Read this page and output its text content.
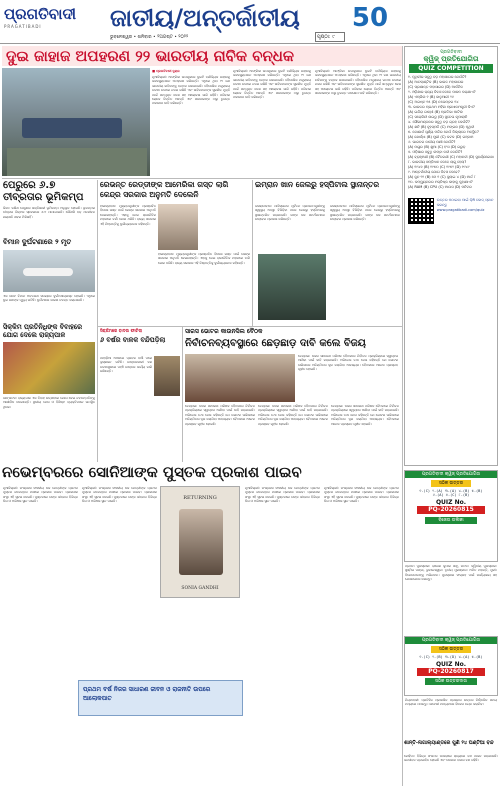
ପ୍ରଗତିବାଦୀ
PRAGATIBADI	ଜାତୀୟ/ଅନ୍ତର୍ଜାତୀୟ	50
ଭୁବନେଶ୍ୱର • ଶନିବାର • ୨ଅଗଷ୍ଟ • ୨୦୨୨	ପୃଷ୍ଠା: ୯
ଦୁଇ ଜାହାଜ ଅପହରଣ ୨୨ ଭାରତୀୟ ନାବିକ ବନ୍ଧକ
■ ପ୍ରଗତିବାଦୀ ନ୍ୟୁଜ
ନୂଆଦିଲ୍ଲୀ: ଆଫ୍ରିକା ଉପକୂଳରେ ଦୁଇଟି ବାଣିଜ୍ୟିକ ଜାହାଜକୁ ଜଳଦସ୍ୟୁମାନେ ଅପହରଣ କରିଛନ୍ତି। ଏଥିରେ ଥିବା ୨୨ ଜଣ ଭାରତୀୟ ନାବିକଙ୍କୁ ବନ୍ଧକ ରଖାଯାଇଛି। ବୈଦେଶିକ ମନ୍ତ୍ରାଳୟ ଘଟଣା ଉପରେ ନଜର ରଖିଛି ଏବଂ ନାବିକମାନଙ୍କ ସୁରକ୍ଷିତ ମୁକ୍ତି ପାଇଁ ସମ୍ପୃକ୍ତ ଦେଶ ସହ ଆଲୋଚନା ଜାରି ରହିଛି। ପରିବାର ଲୋକେ ଚିନ୍ତିତ ଅଛନ୍ତି ଏବଂ ସରକାରଙ୍କ ଠାରୁ ତୁରନ୍ତ ପଦକ୍ଷେପ ଦାବି କରିଛନ୍ତି।
ନୂଆଦିଲ୍ଲୀ: ଆଫ୍ରିକା ଉପକୂଳରେ ଦୁଇଟି ବାଣିଜ୍ୟିକ ଜାହାଜକୁ ଜଳଦସ୍ୟୁମାନେ ଅପହରଣ କରିଛନ୍ତି। ଏଥିରେ ଥିବା ୨୨ ଜଣ ଭାରତୀୟ ନାବିକଙ୍କୁ ବନ୍ଧକ ରଖାଯାଇଛି। ବୈଦେଶିକ ମନ୍ତ୍ରାଳୟ ଘଟଣା ଉପରେ ନଜର ରଖିଛି ଏବଂ ନାବିକମାନଙ୍କ ସୁରକ୍ଷିତ ମୁକ୍ତି ପାଇଁ ସମ୍ପୃକ୍ତ ଦେଶ ସହ ଆଲୋଚନା ଜାରି ରହିଛି। ପରିବାର ଲୋକେ ଚିନ୍ତିତ ଅଛନ୍ତି ଏବଂ ସରକାରଙ୍କ ଠାରୁ ତୁରନ୍ତ ପଦକ୍ଷେପ ଦାବି କରିଛନ୍ତି।
ନୂଆଦିଲ୍ଲୀ: ଆଫ୍ରିକା ଉପକୂଳରେ ଦୁଇଟି ବାଣିଜ୍ୟିକ ଜାହାଜକୁ ଜଳଦସ୍ୟୁମାନେ ଅପହରଣ କରିଛନ୍ତି। ଏଥିରେ ଥିବା ୨୨ ଜଣ ଭାରତୀୟ ନାବିକଙ୍କୁ ବନ୍ଧକ ରଖାଯାଇଛି। ବୈଦେଶିକ ମନ୍ତ୍ରାଳୟ ଘଟଣା ଉପରେ ନଜର ରଖିଛି ଏବଂ ନାବିକମାନଙ୍କ ସୁରକ୍ଷିତ ମୁକ୍ତି ପାଇଁ ସମ୍ପୃକ୍ତ ଦେଶ ସହ ଆଲୋଚନା ଜାରି ରହିଛି। ପରିବାର ଲୋକେ ଚିନ୍ତିତ ଅଛନ୍ତି ଏବଂ ସରକାରଙ୍କ ଠାରୁ ତୁରନ୍ତ ପଦକ୍ଷେପ ଦାବି କରିଛନ୍ତି।
ପେରୁରେ ୬.୭ ତୀବ୍ରତାର ଭୂମିକମ୍ପ
ଲିମା: ଦକ୍ଷିଣ ପେରୁରେ ଶକ୍ତିଶାଳୀ ଭୂମିକମ୍ପ ଅନୁଭୂତ ହୋଇଛି। ଭୂକମ୍ପର ତୀବ୍ରତା ରିକ୍ଟର ସ୍କେଲରେ ୬.୭ ମାପାଯାଇଛି। କୌଣସି ବଡ଼ ଧନଜୀବନ କ୍ଷୟକ୍ଷତି ଖବର ମିଳିନାହିଁ।
ବିମାନ ଦୁର୍ଘଟଣାରେ ୨ ମୃତ
ଏକ ଛୋଟ ବିମାନ ଅବତରଣ ସମୟରେ ଦୁର୍ଘଟଣାଗ୍ରସ୍ତ ହୋଇଛି। ଏଥିରେ ଦୁଇ ଜଣଙ୍କ ମୃତ୍ୟୁ ଘଟିଛି। ଦୁର୍ଘଟଣାର କାରଣ ତଦନ୍ତ କରାଯାଉଛି।
ସିକ୍କିମ ପ୍ରତିନିଧିଙ୍କ ବିବାହରେ ଯୋଗ ଦେଲେ ରାଜ୍ୟପାଳ
ଗାଙ୍ଗଟକ: ରାଜ୍ୟପାଳ ଏକ ବିବାହ ଉତ୍ସବରେ ଯୋଗ ଦେଇ ନବଦମ୍ପତିଙ୍କୁ ଆଶୀର୍ବାଦ ଦେଇଛନ୍ତି। ସ୍ଥାନୀୟ ନେତା ଓ ବିଶିଷ୍ଟ ବ୍ୟକ୍ତିମାନେ ଉପସ୍ଥିତ ଥିଲେ।
ରେଭନ୍ତ ରେଡ୍ଡୀଙ୍କ ଆମେରିକା ଗସ୍ତ ଲାଗି କେନ୍ଦ୍ର ସରକାର ଅନୁମତି ଦେଲେନି
ହାଇଦ୍ରାବାଦ: ମୁଖ୍ୟମନ୍ତ୍ରୀଙ୍କ ପ୍ରସ୍ତାବିତ ବିଦେଶ ଗସ୍ତ ପାଇଁ କେନ୍ଦ୍ର ସରକାର ଅନୁମତି ଦେଇନାହାନ୍ତି। ଏହାକୁ ନେଇ ରାଜନୈତିକ ମହଲରେ ଚର୍ଚ୍ଚା ଜୋର ଧରିଛି। ରାଜ୍ୟ ସରକାର ଏହି ନିଷ୍ପତ୍ତିକୁ ଦୁର୍ଭାଗ୍ୟଜନକ କହିଛନ୍ତି।
ହାଇଦ୍ରାବାଦ: ମୁଖ୍ୟମନ୍ତ୍ରୀଙ୍କ ପ୍ରସ୍ତାବିତ ବିଦେଶ ଗସ୍ତ ପାଇଁ କେନ୍ଦ୍ର ସରକାର ଅନୁମତି ଦେଇନାହାନ୍ତି। ଏହାକୁ ନେଇ ରାଜନୈତିକ ମହଲରେ ଚର୍ଚ୍ଚା ଜୋର ଧରିଛି। ରାଜ୍ୟ ସରକାର ଏହି ନିଷ୍ପତ୍ତିକୁ ଦୁର୍ଭାଗ୍ୟଜନକ କହିଛନ୍ତି।
ଇମ୍ରାନ ଖାନ ଜେଲରୁ ହସ୍ପିଟାଲ ସ୍ଥାନାନ୍ତର
ଇସଲାମାବାଦ: ପାକିସ୍ତାନର ପୂର୍ବତନ ପ୍ରଧାନମନ୍ତ୍ରୀଙ୍କୁ ସ୍ୱାସ୍ଥ୍ୟ ଅବସ୍ଥା ବିଗିଡ଼ିବା ପରେ ଜେଲରୁ ହସ୍ପିଟାଲକୁ ସ୍ଥାନାନ୍ତରିତ କରାଯାଇଛି। ତାଙ୍କ ଦଳ ସମର୍ଥକମାନେ ଉଦ୍‌ବେଗ ପ୍ରକାଶ କରିଛନ୍ତି।
ଇସଲାମାବାଦ: ପାକିସ୍ତାନର ପୂର୍ବତନ ପ୍ରଧାନମନ୍ତ୍ରୀଙ୍କୁ ସ୍ୱାସ୍ଥ୍ୟ ଅବସ୍ଥା ବିଗିଡ଼ିବା ପରେ ଜେଲରୁ ହସ୍ପିଟାଲକୁ ସ୍ଥାନାନ୍ତରିତ କରାଯାଇଛି। ତାଙ୍କ ଦଳ ସମର୍ଥକମାନେ ଉଦ୍‌ବେଗ ପ୍ରକାଶ କରିଛନ୍ତି।
ସିକ୍କିମରେ ବାଦଲ ଫାଟିଲା
୬ ବର୍ଷର ବାଳକ ବନ୍ଦିପଡ଼ିଲା
ପାହାଡ଼ିଆ ଅଞ୍ଚଳରେ ପ୍ରବଳ ବର୍ଷା ପରେ ଭୂସ୍ଖଳନ ଘଟିଛି। ଉଦ୍ଧାରକାରୀ ଦଳ ଘଟଣାସ୍ଥଳରେ ପହଞ୍ଚି ଉଦ୍ଧାର କାର୍ଯ୍ୟ ଜାରି ରଖିଛନ୍ତି।
ସାରସ ଭୋଟର କାଉନସିଲ ବୈଠକ
ନିର୍ବାଚନବ୍ୟବସ୍ଥାରେ ଛେଡ଼ଛାଡ଼ ଦାବି କଲେ ବିଜୟ
ଚେନ୍ନାଇ: ଦଳର ସାଧାରଣ ପରିଷଦ ବୈଠକରେ ନିର୍ବାଚନ ପ୍ରକ୍ରିୟାରେ ସ୍ୱଚ୍ଛତା ଆଣିବା ପାଇଁ ଦାବି କରାଯାଇଛି। ଅଭିନେତା ତଥା ନେତା କହିଛନ୍ତି ଯେ ଭୋଟର ତାଲିକାରେ ଅନିୟମିତତା ଦୂର କରାଯିବା ଆବଶ୍ୟକ। ବୈଠକରେ ଅନେକ ପ୍ରସ୍ତାବ ଗୃହୀତ ହୋଇଛି।
ଚେନ୍ନାଇ: ଦଳର ସାଧାରଣ ପରିଷଦ ବୈଠକରେ ନିର୍ବାଚନ ପ୍ରକ୍ରିୟାରେ ସ୍ୱଚ୍ଛତା ଆଣିବା ପାଇଁ ଦାବି କରାଯାଇଛି। ଅଭିନେତା ତଥା ନେତା କହିଛନ୍ତି ଯେ ଭୋଟର ତାଲିକାରେ ଅନିୟମିତତା ଦୂର କରାଯିବା ଆବଶ୍ୟକ। ବୈଠକରେ ଅନେକ ପ୍ରସ୍ତାବ ଗୃହୀତ ହୋଇଛି।
ଚେନ୍ନାଇ: ଦଳର ସାଧାରଣ ପରିଷଦ ବୈଠକରେ ନିର୍ବାଚନ ପ୍ରକ୍ରିୟାରେ ସ୍ୱଚ୍ଛତା ଆଣିବା ପାଇଁ ଦାବି କରାଯାଇଛି। ଅଭିନେତା ତଥା ନେତା କହିଛନ୍ତି ଯେ ଭୋଟର ତାଲିକାରେ ଅନିୟମିତତା ଦୂର କରାଯିବା ଆବଶ୍ୟକ। ବୈଠକରେ ଅନେକ ପ୍ରସ୍ତାବ ଗୃହୀତ ହୋଇଛି।
ଚେନ୍ନାଇ: ଦଳର ସାଧାରଣ ପରିଷଦ ବୈଠକରେ ନିର୍ବାଚନ ପ୍ରକ୍ରିୟାରେ ସ୍ୱଚ୍ଛତା ଆଣିବା ପାଇଁ ଦାବି କରାଯାଇଛି। ଅଭିନେତା ତଥା ନେତା କହିଛନ୍ତି ଯେ ଭୋଟର ତାଲିକାରେ ଅନିୟମିତତା ଦୂର କରାଯିବା ଆବଶ୍ୟକ। ବୈଠକରେ ଅନେକ ପ୍ରସ୍ତାବ ଗୃହୀତ ହୋଇଛି।
ନଭେମ୍ବରରେ ସୋନିଆଙ୍କ ପୁସ୍ତକ ପ୍ରକାଶ ପାଇବ
ନୂଆଦିଲ୍ଲୀ: କଂଗ୍ରେସ ସଂସଦୀୟ ଦଳ ନେତ୍ରୀଙ୍କ ପ୍ରଥମ ପୁସ୍ତକ ନଭେମ୍ବର ମାସରେ ପ୍ରକାଶ ପାଇବ। ପ୍ରକାଶକ ସଂସ୍ଥା ଏହି ସୂଚନା ଦେଇଛି। ପୁସ୍ତକରେ ତାଙ୍କ ଜୀବନର ବିଭିନ୍ନ ଦିଗ ଓ ଅଭିଜ୍ଞତା ସ୍ଥାନ ପାଇଛି।
ନୂଆଦିଲ୍ଲୀ: କଂଗ୍ରେସ ସଂସଦୀୟ ଦଳ ନେତ୍ରୀଙ୍କ ପ୍ରଥମ ପୁସ୍ତକ ନଭେମ୍ବର ମାସରେ ପ୍ରକାଶ ପାଇବ। ପ୍ରକାଶକ ସଂସ୍ଥା ଏହି ସୂଚନା ଦେଇଛି। ପୁସ୍ତକରେ ତାଙ୍କ ଜୀବନର ବିଭିନ୍ନ ଦିଗ ଓ ଅଭିଜ୍ଞତା ସ୍ଥାନ ପାଇଛି।
RETURNING
SONIA GANDHI
ପ୍ରଥମ ବର୍ଷ ନିଜର ସାଧାରଣ ଜୀବନ ଓ ରାଜନୀତି ଉପରେ ଆଲୋକପାତ
ନୂଆଦିଲ୍ଲୀ: କଂଗ୍ରେସ ସଂସଦୀୟ ଦଳ ନେତ୍ରୀଙ୍କ ପ୍ରଥମ ପୁସ୍ତକ ନଭେମ୍ବର ମାସରେ ପ୍ରକାଶ ପାଇବ। ପ୍ରକାଶକ ସଂସ୍ଥା ଏହି ସୂଚନା ଦେଇଛି। ପୁସ୍ତକରେ ତାଙ୍କ ଜୀବନର ବିଭିନ୍ନ ଦିଗ ଓ ଅଭିଜ୍ଞତା ସ୍ଥାନ ପାଇଛି।
ନୂଆଦିଲ୍ଲୀ: କଂଗ୍ରେସ ସଂସଦୀୟ ଦଳ ନେତ୍ରୀଙ୍କ ପ୍ରଥମ ପୁସ୍ତକ ନଭେମ୍ବର ମାସରେ ପ୍ରକାଶ ପାଇବ। ପ୍ରକାଶକ ସଂସ୍ଥା ଏହି ସୂଚନା ଦେଇଛି। ପୁସ୍ତକରେ ତାଙ୍କ ଜୀବନର ବିଭିନ୍ନ ଦିଗ ଓ ଅଭିଜ୍ଞତା ସ୍ଥାନ ପାଇଛି।
ପ୍ରଗତିବାଦୀ
କ୍ୱିଜ୍ ପ୍ରତିଯୋଗିତା
QUIZ COMPETITION
୧. ପୃଥିବୀର ସବୁଠୁ ବଡ଼ ମହାସାଗର କେଉଁଟି?
(A) ଆଟଲାଣ୍ଟିକ (B) ଭାରତ ମହାସାଗର
(C) ପ୍ରଶାନ୍ତ ମହାସାଗର (D) ଆର୍କଟିକ
୨. ଓଡ଼ିଶାର ରାଜ୍ୟ ଦିବସ କେବେ ପାଳନ କରାଯାଏ?
(A) ଏପ୍ରିଲ ୧ (B) ଜାନୁଆରୀ ୨୬
(C) ଅଗଷ୍ଟ ୧୫ (D) ନଭେମ୍ବର ୧୪
୩. ଭାରତର ପ୍ରଥମ ମହିଳା ପ୍ରଧାନମନ୍ତ୍ରୀ କିଏ?
(A) ଇନ୍ଦିରା ଗାନ୍ଧୀ (B) ପ୍ରତିଭା ପାଟିଲ
(C) ସରୋଜିନୀ ନାଇଡୁ (D) ସୁଚେତା କୃପାଲାନି
୪. ସୌରମଣ୍ଡଳର ସବୁଠୁ ବଡ଼ ଗ୍ରହ କେଉଁଟି?
(A) ଶନି (B) ବୃହସ୍ପତି (C) ମଙ୍ଗଳ (D) ପୃଥିବୀ
୫. କୋଣାର୍କ ସୂର୍ଯ୍ୟ ମନ୍ଦିର କେଉଁ ଜିଲ୍ଲାରେ ଅବସ୍ଥିତ?
(A) ଖୋର୍ଦ୍ଧା (B) ପୁରୀ (C) କଟକ (D) ଗଞ୍ଜାମ
୬. ଭାରତର ଜାତୀୟ ପକ୍ଷୀ କେଉଁଟି?
(A) ମୟୂର (B) ଶୁଆ (C) ହଂସ (D) ଗରୁଡ଼
୭. ଓଡ଼ିଶାର ସବୁଠୁ ଲମ୍ବା ନଦୀ କେଉଁଟି?
(A) ବ୍ରାହ୍ମଣୀ (B) ବୈତରଣୀ (C) ମହାନଦୀ (D) ସୁବର୍ଣ୍ଣରେଖା
୮. ଭାରତୀୟ ସମ୍ବିଧାନ କେବେ ଲାଗୁ ହେଲା?
(A) ୧୯୪୭ (B) ୧୯୫୦ (C) ୧୯୫୨ (D) ୧୯୪୯
୯. ଆନ୍ତର୍ଜାତୀୟ ଯୋଗ ଦିବସ କେବେ?
(A) ଜୁନ ୨୧ (B) ମେ ୧ (C) ଜୁଲାଇ ୪ (D) ମାର୍ଚ୍ଚ ୮
୧୦. କମ୍ପ୍ୟୁଟରର ମସ୍ତିଷ୍କ କାହାକୁ କୁହାଯାଏ?
(A) RAM (B) CPU (C) ମାଉସ (D) ମନିଟର
ଉତ୍ତର ପଠାଇବା ପାଇଁ QR କୋଡ୍ ସ୍କାନ କରନ୍ତୁ www.pragatibadi.com/quiz
ପ୍ରଗତିବାଦୀ କ୍ୱିଜ୍ ପ୍ରତିଯୋଗିତା
ସଠିକ ଉତ୍ତର
୧-(C) ୨-(A) ୩-(A) ୪-(B) ୫-(B)
୬-(A) ୭-(C) ୮-(B)
QUIZ No.
PQ-20260815
ବିଜେତା ତାଲିକା
ପ୍ରଥମ ପୁରସ୍କାର: ରାଜେଶ କୁମାର ସାହୁ, କଟକ। ଦ୍ୱିତୀୟ ପୁରସ୍କାର: ସୁସ୍ମିତା ପଣ୍ଡା, ଭୁବନେଶ୍ୱର। ତୃତୀୟ ପୁରସ୍କାର: ଅମିତ ମହାନ୍ତି, ପୁରୀ। ବିଜେତାମାନଙ୍କୁ ଅଭିନନ୍ଦନ। ପୁରସ୍କାର ସଂଗ୍ରହ ପାଇଁ କାର୍ଯ୍ୟାଳୟ ସହ ଯୋଗାଯୋଗ କରନ୍ତୁ।
ପ୍ରଗତିବାଦୀ କ୍ୱିଜ୍ ପ୍ରତିଯୋଗିତା
ସଠିକ ଉତ୍ତର
୧-(C) ୨-(B) ୩-(D) ୪-(A) ୫-(B)
QUIZ No.
PQ-20260817
ସଠିକ ଉତ୍ତରଦାତା
ନିୟମାବଳୀ: ପ୍ରତିଦିନ ପ୍ରକାଶିତ ପ୍ରଶ୍ନର ଉତ୍ତର ନିର୍ଦ୍ଧାରିତ ସମୟ ମଧ୍ୟରେ ପଠାନ୍ତୁ। ଲଟେରୀ ମାଧ୍ୟମରେ ବିଜେତା ଚୟନ କରାଯିବ।
ଶାନ୍ତି-ନାଗାଲ୍ୟାଣ୍ଡରେ ପୁଣି ୨୪ ଘଣ୍ଟିଆ ବନ୍ଦ
କୋହିମା: ବିଭିନ୍ନ ସଂଗଠନ ଡାକରାରେ ରାଜ୍ୟରେ ବନ୍ଦ ପାଳନ କରାଯାଉଛି। ଜନଜୀବନ ପ୍ରଭାବିତ ହୋଇଛି ଏବଂ ଦୋକାନ ବଜାର ବନ୍ଦ ରହିଛି।
